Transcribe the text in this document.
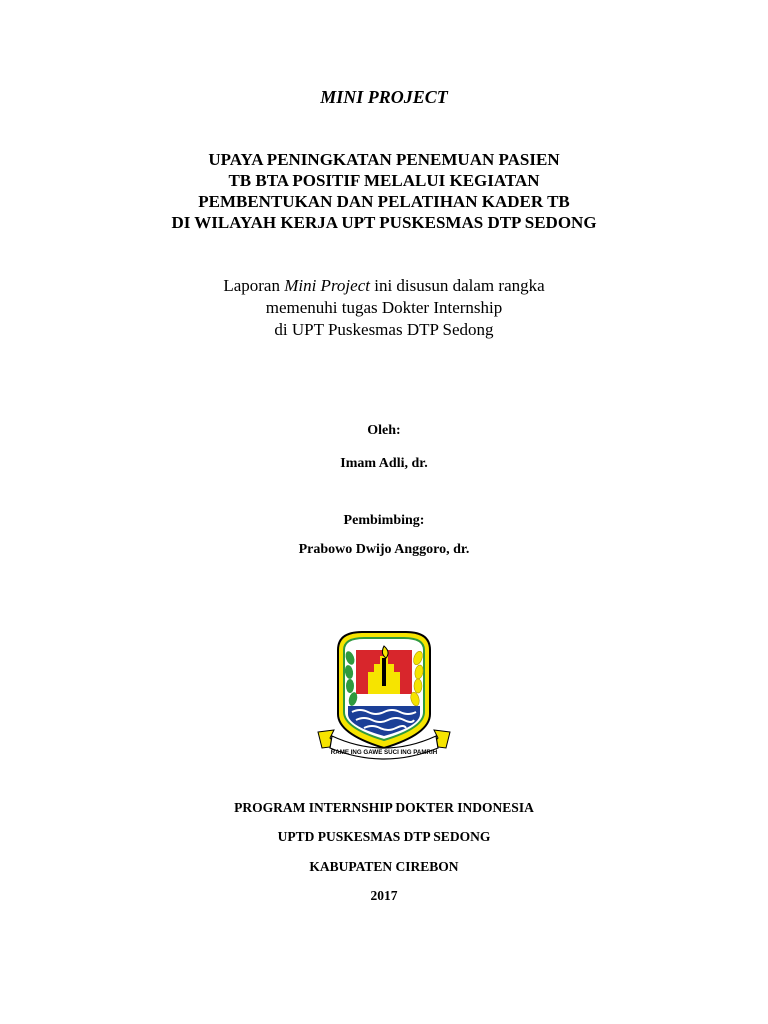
MINI PROJECT
UPAYA PENINGKATAN PENEMUAN PASIEN
TB BTA POSITIF MELALUI KEGIATAN
PEMBENTUKAN DAN PELATIHAN KADER TB
DI WILAYAH KERJA UPT PUSKESMAS DTP SEDONG
Laporan Mini Project ini disusun dalam rangka
memenuhi tugas Dokter Internship
di UPT Puskesmas DTP Sedong
Oleh:
Imam Adli, dr.
Pembimbing:
Prabowo Dwijo Anggoro, dr.
RAME ING GAWE SUCI ING PAMRIH
PROGRAM INTERNSHIP DOKTER INDONESIA
UPTD PUSKESMAS DTP SEDONG
KABUPATEN CIREBON
2017
